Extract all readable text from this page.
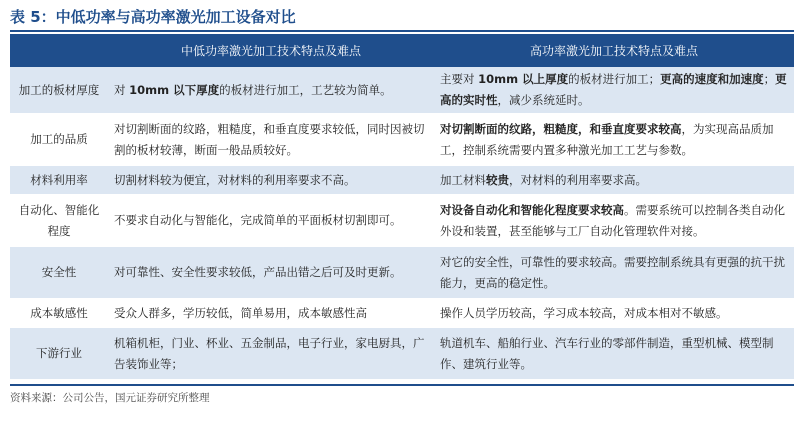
表 5：中低功率与高功率激光加工设备对比
	中低功率激光加工技术特点及难点	高功率激光加工技术特点及难点
加工的板材厚度	对 10mm 以下厚度的板材进行加工，工艺较为简单。	主要对 10mm 以上厚度的板材进行加工；更高的速度和加速度；更高的实时性，减少系统延时。
加工的品质	对切割断面的纹路，粗糙度，和垂直度要求较低，同时因被切割的板材较薄，断面一般品质较好。	对切割断面的纹路，粗糙度，和垂直度要求较高，为实现高品质加工，控制系统需要内置多种激光加工工艺与参数。
材料利用率	切割材料较为便宜，对材料的利用率要求不高。	加工材料较贵，对材料的利用率要求高。
自动化、智能化程度	不要求自动化与智能化，完成简单的平面板材切割即可。	对设备自动化和智能化程度要求较高。需要系统可以控制各类自动化外设和装置，甚至能够与工厂自动化管理软件对接。
安全性	对可靠性、安全性要求较低，产品出错之后可及时更新。	对它的安全性，可靠性的要求较高。需要控制系统具有更强的抗干扰能力，更高的稳定性。
成本敏感性	受众人群多，学历较低，简单易用，成本敏感性高	操作人员学历较高，学习成本较高，对成本相对不敏感。
下游行业	机箱机柜，门业、杯业、五金制品，电子行业，家电厨具，广告装饰业等；	轨道机车、船舶行业、汽车行业的零部件制造，重型机械、模型制作、建筑行业等。
资料来源：公司公告，国元证券研究所整理
